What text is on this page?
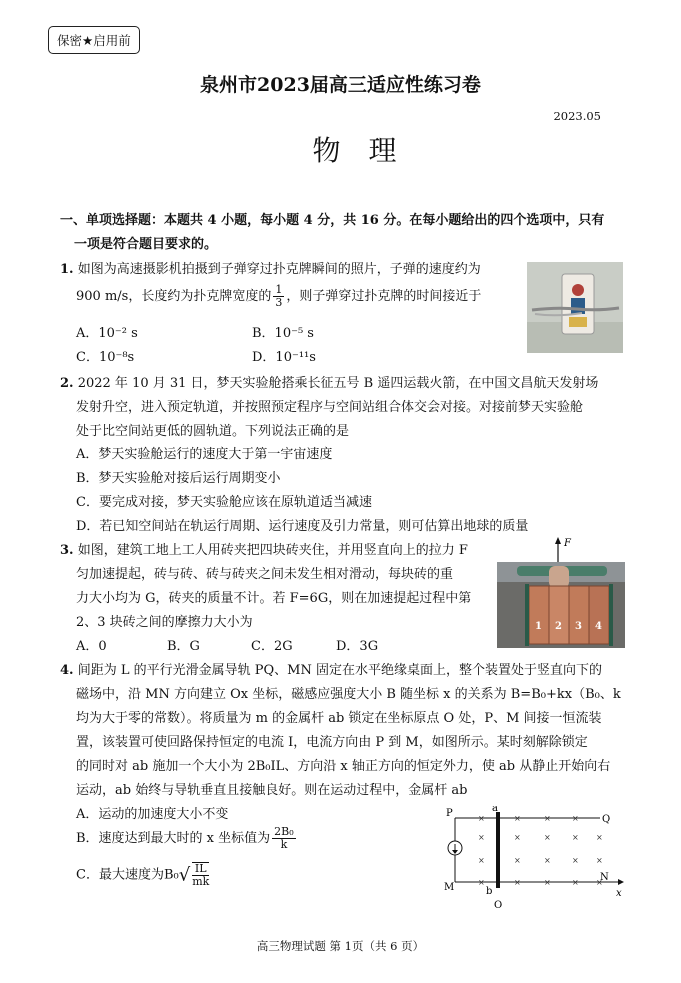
保密★启用前
泉州市2023届高三适应性练习卷
2023.05
物理
一、单项选择题：本题共 4 小题，每小题 4 分，共 16 分。在每小题给出的四个选项中，只有
一项是符合题目要求的。
1. 如图为高速摄影机拍摄到子弹穿过扑克牌瞬间的照片，子弹的速度约为
900 m/s，长度约为扑克牌宽度的 $\frac{1}{3}$ ，则子弹穿过扑克牌的时间接近于
A．10⁻² s	B．10⁻⁵ s
C．10⁻⁸s	D．10⁻¹¹s
2. 2022 年 10 月 31 日，梦天实验舱搭乘长征五号 B 遥四运载火箭，在中国文昌航天发射场
发射升空，进入预定轨道，并按照预定程序与空间站组合体交会对接。对接前梦天实验舱
处于比空间站更低的圆轨道。下列说法正确的是
A．梦天实验舱运行的速度大于第一宇宙速度
B．梦天实验舱对接后运行周期变小
C．要完成对接，梦天实验舱应该在原轨道适当减速
D．若已知空间站在轨运行周期、运行速度及引力常量，则可估算出地球的质量
3. 如图，建筑工地上工人用砖夹把四块砖夹住，并用竖直向上的拉力 F
匀加速提起，砖与砖、砖与砖夹之间未发生相对滑动，每块砖的重
力大小均为 G，砖夹的质量不计。若 F=6G，则在加速提起过程中第
2、3 块砖之间的摩擦力大小为
A．0	B．G	C．2G	D．3G
F
1 2 3 4
4. 间距为 L 的平行光滑金属导轨 PQ、MN 固定在水平绝缘桌面上，整个装置处于竖直向下的
磁场中，沿 MN 方向建立 Ox 坐标，磁感应强度大小 B 随坐标 x 的关系为 B=B₀+kx（B₀、k
均为大于零的常数）。将质量为 m 的金属杆 ab 锁定在坐标原点 O 处，P、M 间接一恒流装
置，该装置可使回路保持恒定的电流 I，电流方向由 P 到 M，如图所示。某时刻解除锁定
的同时对 ab 施加一个大小为 2B₀IL、方向沿 x 轴正方向的恒定外力，使 ab 从静止开始向右
运动，ab 始终与导轨垂直且接触良好。则在运动过程中，金属杆 ab
A．运动的加速度大小不变
B．速度达到最大时的 x 坐标值为 $\frac{\text{2B₀}}{k}$
C．最大速度为$B_0√ \frac{IL}{mk}$
×	×	×	×
×	×	×	× ×
×	×	×	× ×
×	×	×	× ×
P
Q
M
N
a
b
O
x
高三物理试题 第 1页（共 6 页）
